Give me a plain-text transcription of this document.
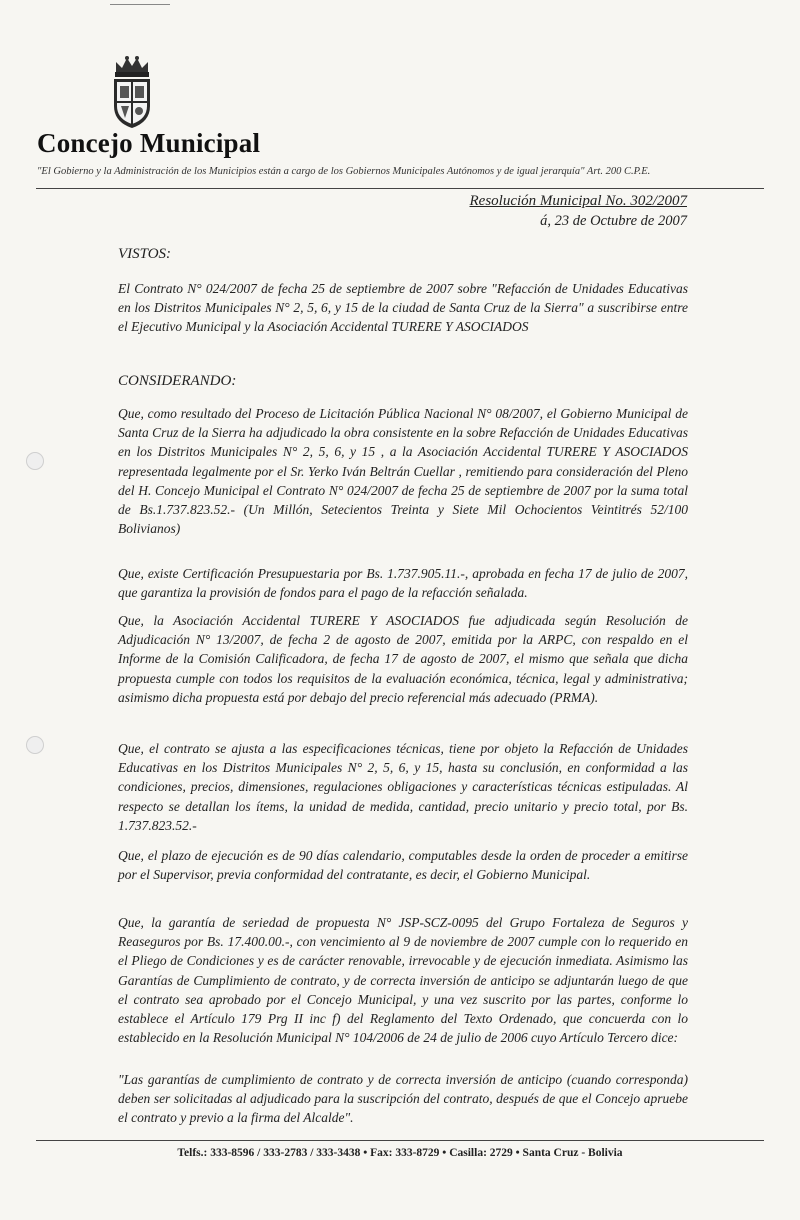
Concejo Municipal
"El Gobierno y la Administración de los Municipios están a cargo de los Gobiernos Municipales Autónomos y de igual jerarquía" Art. 200 C.P.E.
Resolución Municipal No. 302/2007
á, 23 de Octubre de 2007
VISTOS:

El Contrato N° 024/2007 de fecha 25 de septiembre de 2007 sobre "Refacción de Unidades Educativas en los Distritos Municipales N° 2, 5, 6, y 15 de la ciudad de Santa Cruz de la Sierra" a suscribirse entre el Ejecutivo Municipal y la Asociación Accidental TURERE Y ASOCIADOS

CONSIDERANDO:

Que, como resultado del Proceso de Licitación Pública Nacional N° 08/2007, el Gobierno Municipal de Santa Cruz de la Sierra ha adjudicado la obra consistente en la sobre Refacción de Unidades Educativas en los Distritos Municipales N° 2, 5, 6, y 15 , a la Asociación Accidental TURERE Y ASOCIADOS representada legalmente por el Sr. Yerko Iván Beltrán Cuellar , remitiendo para consideración del Pleno del H. Concejo Municipal el Contrato N° 024/2007 de fecha 25 de septiembre de 2007 por la suma total de Bs.1.737.823.52.- (Un Millón, Setecientos Treinta y Siete Mil Ochocientos Veintitrés 52/100 Bolivianos)

Que, existe Certificación Presupuestaria por Bs. 1.737.905.11.-, aprobada en fecha 17 de julio de 2007, que garantiza la provisión de fondos para el pago de la refacción señalada.

Que, la Asociación Accidental TURERE Y ASOCIADOS fue adjudicada según Resolución de Adjudicación N° 13/2007, de fecha 2 de agosto de 2007, emitida por la ARPC, con respaldo en el Informe de la Comisión Calificadora, de fecha 17 de agosto de 2007, el mismo que señala que dicha propuesta cumple con todos los requisitos de la evaluación económica, técnica, legal y administrativa; asimismo dicha propuesta está por debajo del precio referencial más adecuado (PRMA).

Que, el contrato se ajusta a las especificaciones técnicas, tiene por objeto la Refacción de Unidades Educativas en los Distritos Municipales N° 2, 5, 6, y 15, hasta su conclusión, en conformidad a las condiciones, precios, dimensiones, regulaciones obligaciones y características técnicas estipuladas. Al respecto se detallan los ítems, la unidad de medida, cantidad, precio unitario y precio total, por Bs. 1.737.823.52.-

Que, el plazo de ejecución es de 90 días calendario, computables desde la orden de proceder a emitirse por el Supervisor, previa conformidad del contratante, es decir, el Gobierno Municipal.

Que, la garantía de seriedad de propuesta N° JSP-SCZ-0095 del Grupo Fortaleza de Seguros y Reaseguros por Bs. 17.400.00.-, con vencimiento al 9 de noviembre de 2007 cumple con lo requerido en el Pliego de Condiciones y es de carácter renovable, irrevocable y de ejecución inmediata. Asimismo las Garantías de Cumplimiento de contrato, y de correcta inversión de anticipo se adjuntarán luego de que el contrato sea aprobado por el Concejo Municipal, y una vez suscrito por las partes, conforme lo establece el Artículo 179 Prg II inc f) del Reglamento del Texto Ordenado, que concuerda con lo establecido en la Resolución Municipal N° 104/2006 de 24 de julio de 2006 cuyo Artículo Tercero dice:

"Las garantías de cumplimiento de contrato y de correcta inversión de anticipo (cuando corresponda) deben ser solicitadas al adjudicado para la suscripción del contrato, después de que el Concejo apruebe el contrato y previo a la firma del Alcalde".

Telfs.: 333-8596 / 333-2783 / 333-3438 • Fax: 333-8729 • Casilla: 2729 • Santa Cruz - Bolivia
